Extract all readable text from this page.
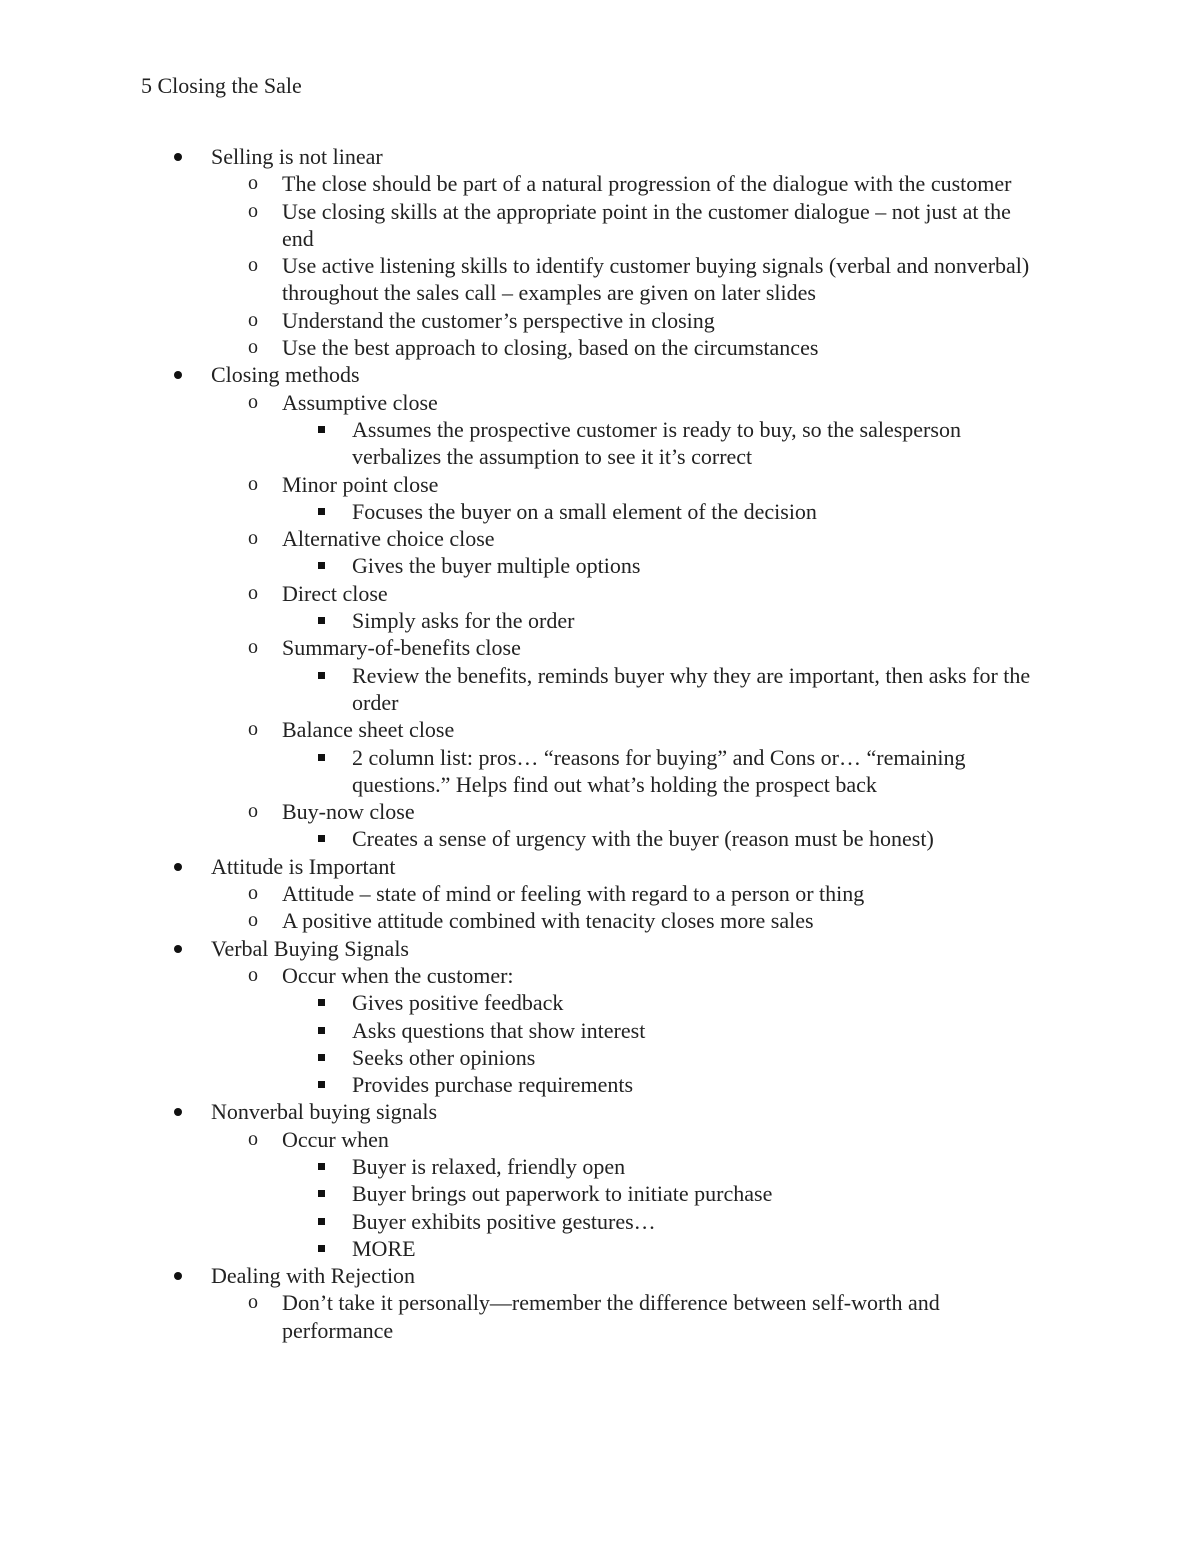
5 Closing the Sale
Selling is not linear
o The close should be part of a natural progression of the dialogue with the customer
o Use closing skills at the appropriate point in the customer dialogue – not just at the end
o Use active listening skills to identify customer buying signals (verbal and nonverbal) throughout the sales call – examples are given on later slides
o Understand the customer’s perspective in closing
o Use the best approach to closing, based on the circumstances
Closing methods
o Assumptive close
Assumes the prospective customer is ready to buy, so the salesperson verbalizes the assumption to see it it’s correct
o Minor point close
Focuses the buyer on a small element of the decision
o Alternative choice close
Gives the buyer multiple options
o Direct close
Simply asks for the order
o Summary-of-benefits close
Review the benefits, reminds buyer why they are important, then asks for the order
o Balance sheet close
2 column list: pros… “reasons for buying” and Cons or… “remaining questions.” Helps find out what’s holding the prospect back
o Buy-now close
Creates a sense of urgency with the buyer (reason must be honest)
Attitude is Important
o Attitude – state of mind or feeling with regard to a person or thing
o A positive attitude combined with tenacity closes more sales
Verbal Buying Signals
o Occur when the customer:
Gives positive feedback
Asks questions that show interest
Seeks other opinions
Provides purchase requirements
Nonverbal buying signals
o Occur when
Buyer is relaxed, friendly open
Buyer brings out paperwork to initiate purchase
Buyer exhibits positive gestures…
MORE
Dealing with Rejection
o Don’t take it personally—remember the difference between self-worth and performance
